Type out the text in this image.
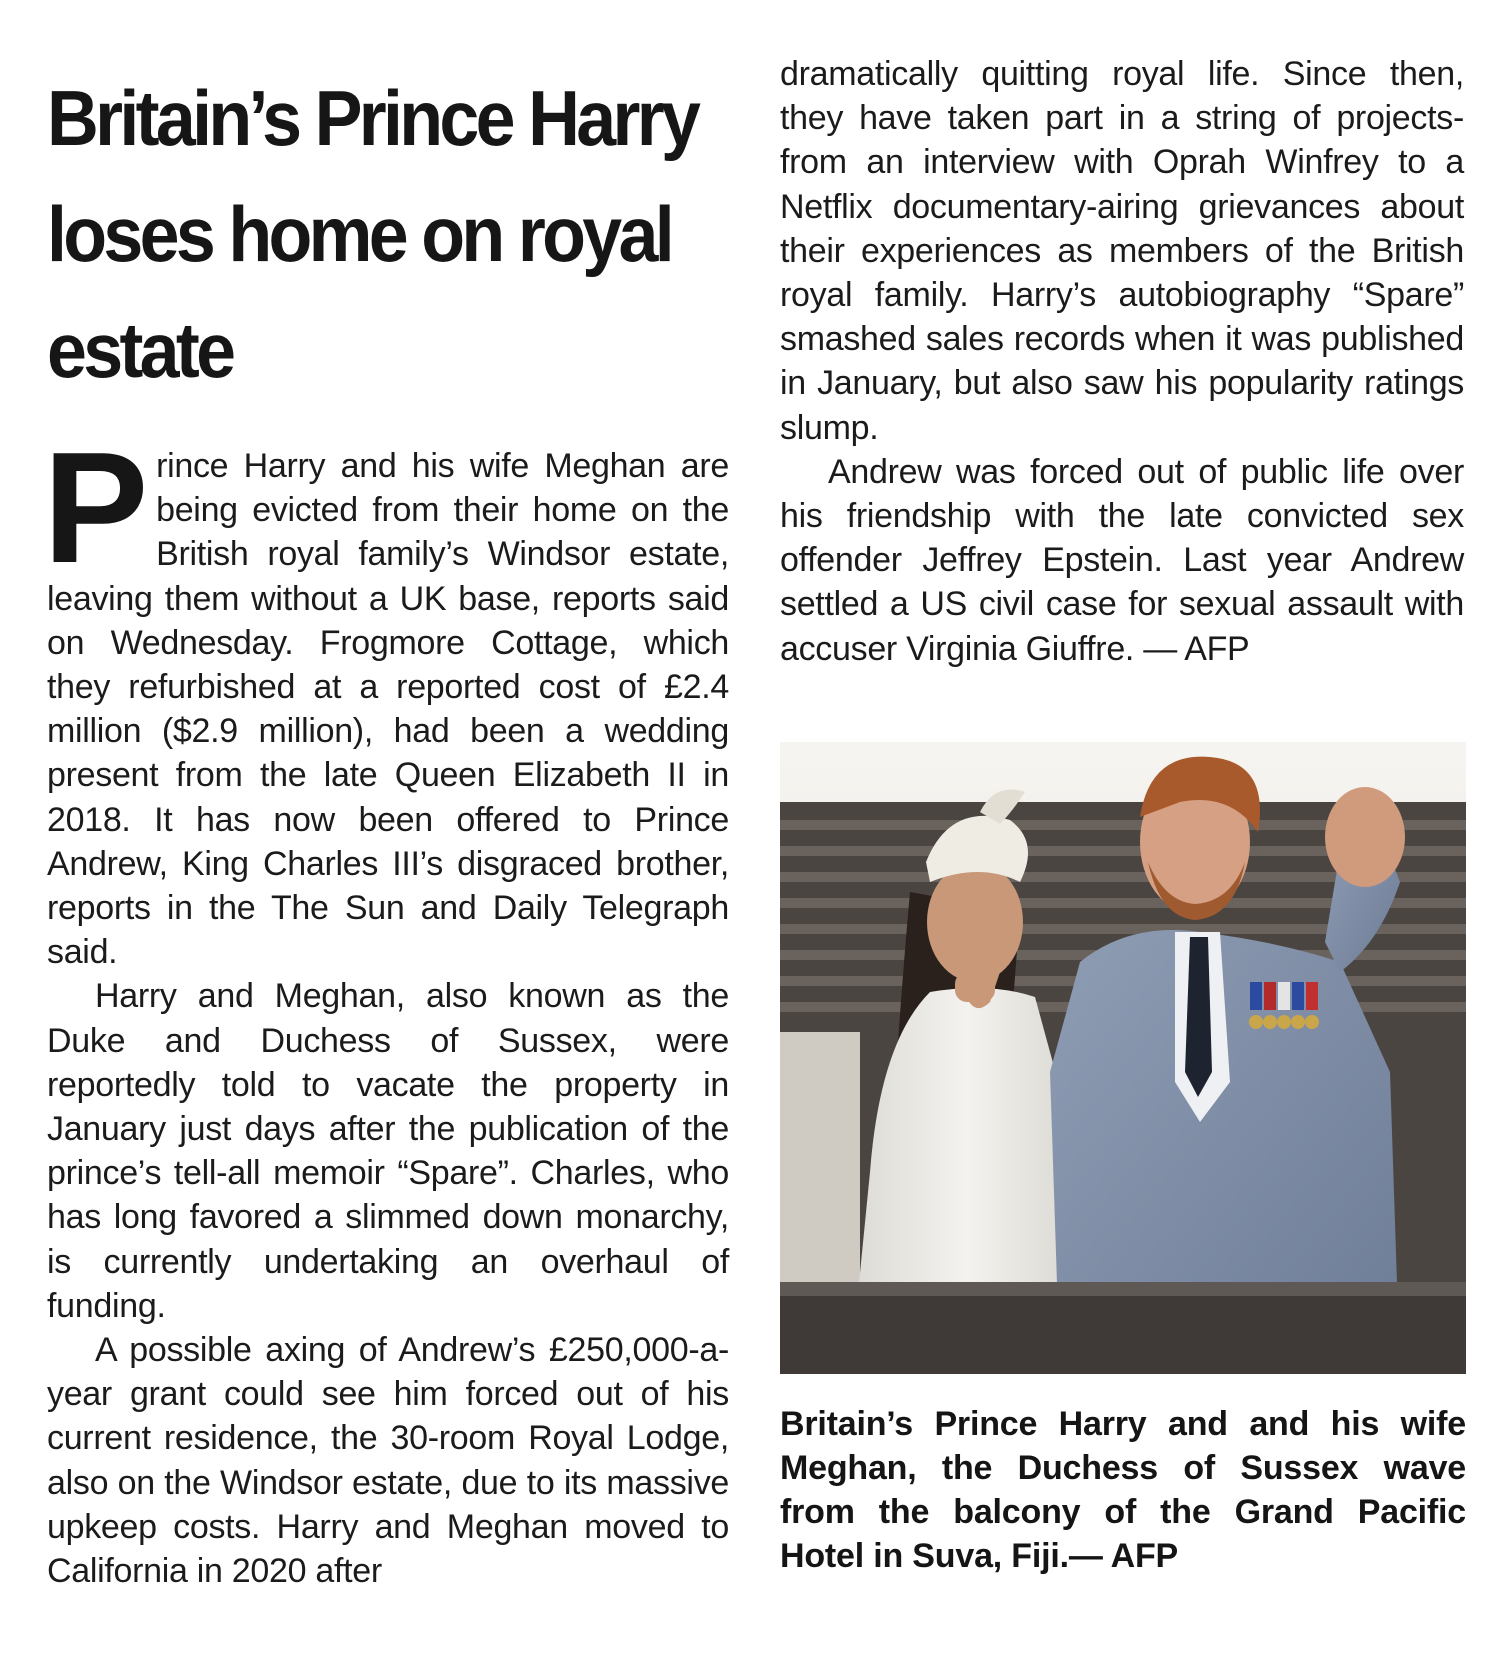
Britain’s Prince Harry loses home on royal estate

Prince Harry and his wife Meghan are being evicted from their home on the British royal family’s Windsor estate, leaving them without a UK base, reports said on Wednesday. Frogmore Cottage, which they refurbished at a reported cost of £2.4 million ($2.9 million), had been a wedding present from the late Queen Elizabeth II in 2018. It has now been offered to Prince Andrew, King Charles III’s disgraced brother, reports in the The Sun and Daily Telegraph said.

Harry and Meghan, also known as the Duke and Duchess of Sussex, were reportedly told to vacate the property in January just days after the publication of the prince’s tell-all memoir “Spare”. Charles, who has long favored a slimmed down monarchy, is currently undertaking an overhaul of funding.

A possible axing of Andrew’s £250,000-a-year grant could see him forced out of his current residence, the 30-room Royal Lodge, also on the Windsor estate, due to its massive upkeep costs. Harry and Meghan moved to California in 2020 after

dramatically quitting royal life. Since then, they have taken part in a string of projects-from an interview with Oprah Winfrey to a Netflix documentary-airing grievances about their experiences as members of the British royal family. Harry’s autobiography “Spare” smashed sales records when it was published in January, but also saw his popularity ratings slump.

Andrew was forced out of public life over his friendship with the late convicted sex offender Jeffrey Epstein. Last year Andrew settled a US civil case for sexual assault with accuser Virginia Giuffre. — AFP

Britain’s Prince Harry and and his wife Meghan, the Duchess of Sussex wave from the balcony of the Grand Pacific Hotel in Suva, Fiji.— AFP
